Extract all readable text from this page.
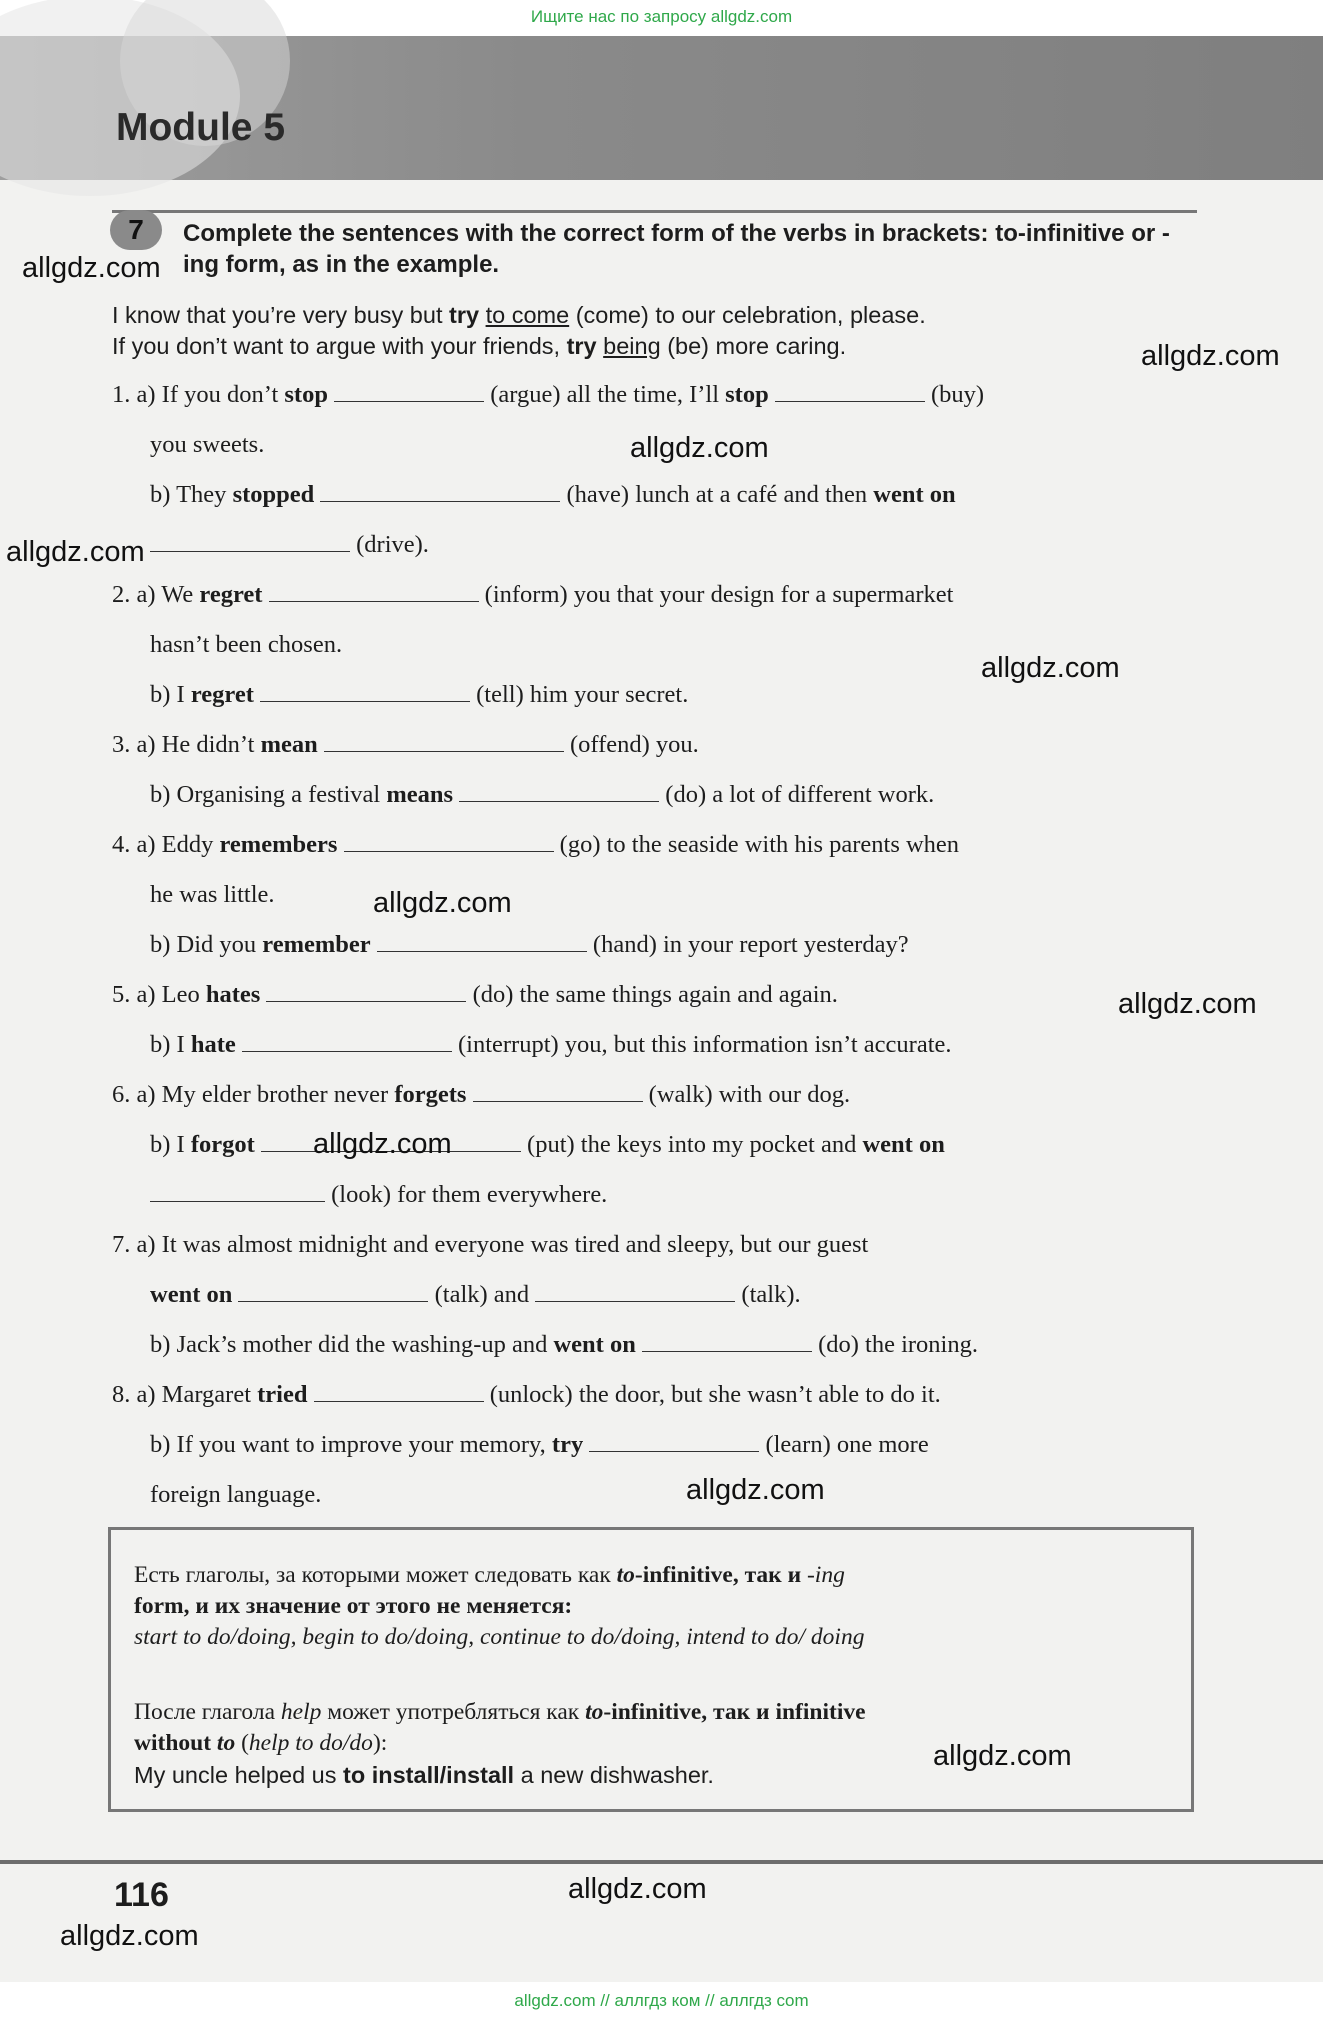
Ищите нас по запросу allgdz.com
Module 5
7	Complete the sentences with the correct form of the verbs in brackets: to-infinitive or -ing form, as in the example.
I know that you’re very busy but try to come (come) to our celebration, please.
If you don’t want to argue with your friends, try being (be) more caring.
1. a) If you don’t stop	(argue) all the time, I’ll stop	(buy)
you sweets.
b) They stopped	(have) lunch at a café and then went on
(drive).
2. a) We regret	(inform) you that your design for a supermarket
hasn’t been chosen.
b) I regret	(tell) him your secret.
3. a) He didn’t mean	(offend) you.
b) Organising a festival means	(do) a lot of different work.
4. a) Eddy remembers	(go) to the seaside with his parents when
he was little.
b) Did you remember	(hand) in your report yesterday?
5. a) Leo hates	(do) the same things again and again.
b) I hate	(interrupt) you, but this information isn’t accurate.
6. a) My elder brother never forgets	(walk) with our dog.
b) I forgot	(put) the keys into my pocket and went on
(look) for them everywhere.
7. a) It was almost midnight and everyone was tired and sleepy, but our guest
went on	(talk) and	(talk).
b) Jack’s mother did the washing-up and went on	(do) the ironing.
8. a) Margaret tried	(unlock) the door, but she wasn’t able to do it.
b) If you want to improve your memory, try	(learn) one more
foreign language.
Есть глаголы, за которыми может следовать как to-infinitive, так и -ing
form, и их значение от этого не меняется:
start to do/doing, begin to do/doing, continue to do/doing, intend to do/ doing
После глагола help может употребляться как to-infinitive, так и infinitive
without to (help to do/do):
My uncle helped us to install/install a new dishwasher.
116
allgdz.com
allgdz.com
allgdz.com
allgdz.com
allgdz.com
allgdz.com
allgdz.com
allgdz.com
allgdz.com
allgdz.com
allgdz.com
allgdz.com
allgdz.com // аллгдз ком // аллгдз com
